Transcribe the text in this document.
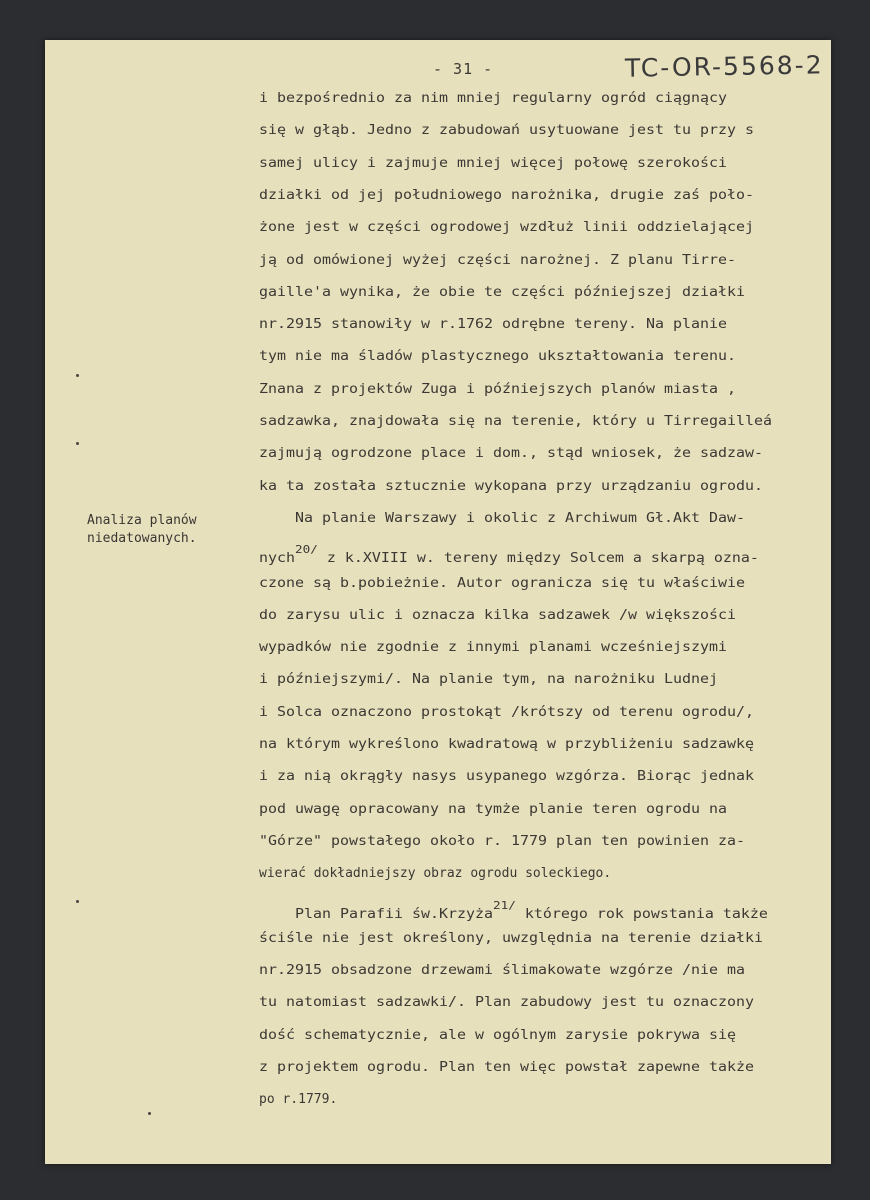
- 31 -	TC-OR-5568-2
Analiza planów
niedatowanych.
i bezpośrednio za nim mniej regularny ogród ciągnący
się w głąb. Jedno z zabudowań usytuowane jest tu przy s
samej ulicy i zajmuje mniej więcej połowę szerokości
działki od jej południowego narożnika, drugie zaś poło-
żone jest w części ogrodowej wzdłuż linii oddzielającej
ją od omówionej wyżej części narożnej. Z planu Tirre-
gaille'a wynika, że obie te części późniejszej działki
nr.2915 stanowiły w r.1762 odrębne tereny. Na planie
tym nie ma śladów plastycznego ukształtowania terenu.
Znana z projektów Zuga i późniejszych planów miasta ,
sadzawka, znajdowała się na terenie, który u Tirregailleá
zajmują ogrodzone place i dom., stąd wniosek, że sadzaw-
ka ta została sztucznie wykopana przy urządzaniu ogrodu.
Na planie Warszawy i okolic z Archiwum Gł.Akt Daw-
nych$^{20/}$ z k.XVIII w. tereny między Solcem a skarpą ozna-
czone są b.pobieżnie. Autor ogranicza się tu właściwie
do zarysu ulic i oznacza kilka sadzawek /w większości
wypadków nie zgodnie z innymi planami wcześniejszymi
i późniejszymi/. Na planie tym, na narożniku Ludnej
i Solca oznaczono prostokąt /krótszy od terenu ogrodu/,
na którym wykreślono kwadratową w przybliżeniu sadzawkę
i za nią okrągły nasys usypanego wzgórza. Biorąc jednak
pod uwagę opracowany na tymże planie teren ogrodu na
"Górze" powstałego około r. 1779 plan ten powinien za-
wierać dokładniejszy obraz ogrodu soleckiego.
Plan Parafii św.Krzyża$^{21/}$ którego rok powstania także
ściśle nie jest określony, uwzględnia na terenie działki
nr.2915 obsadzone drzewami ślimakowate wzgórze /nie ma
tu natomiast sadzawki/. Plan zabudowy jest tu oznaczony
dość schematycznie, ale w ogólnym zarysie pokrywa się
z projektem ogrodu. Plan ten więc powstał zapewne także
po r.1779.
